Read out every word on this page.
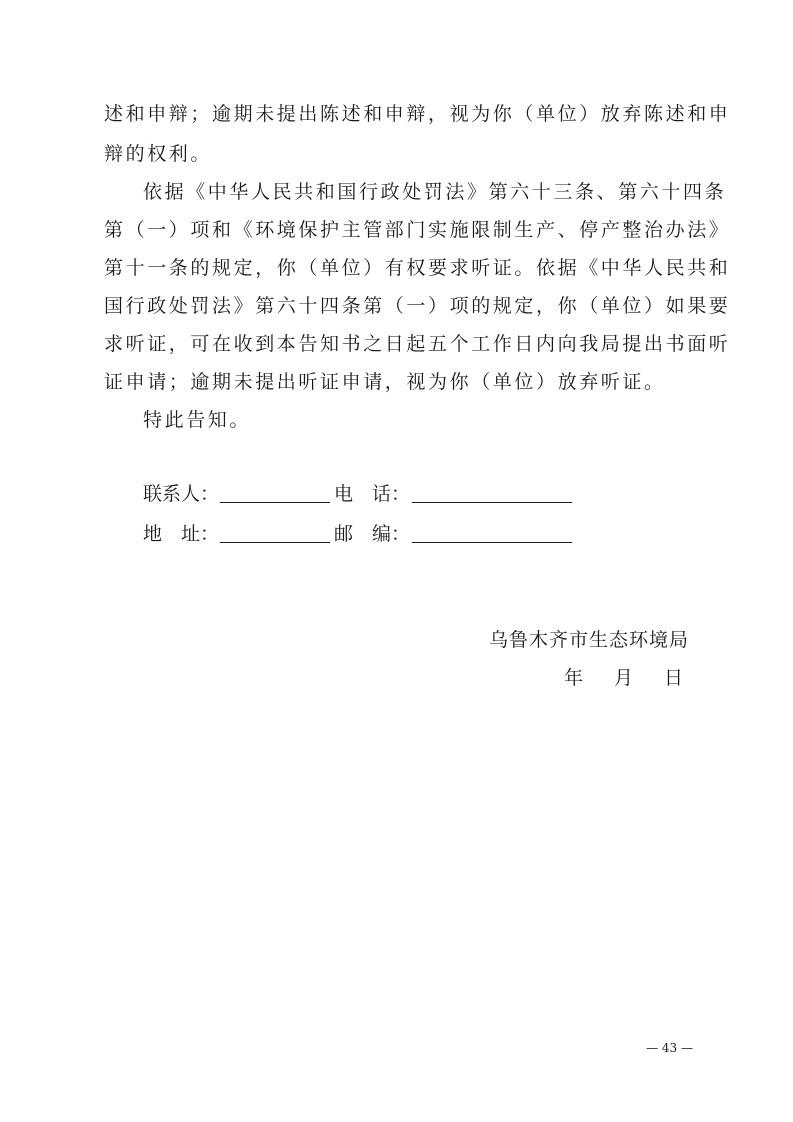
述和申辩；逾期未提出陈述和申辩，视为你（单位）放弃陈述和申
辩的权利。
依据《中华人民共和国行政处罚法》第六十三条、第六十四条
第（一）项和《环境保护主管部门实施限制生产、停产整治办法》
第十一条的规定，你（单位）有权要求听证。依据《中华人民共和
国行政处罚法》第六十四条第（一）项的规定，你（单位）如果要
求听证，可在收到本告知书之日起五个工作日内向我局提出书面听
证申请；逾期未提出听证申请，视为你（单位）放弃听证。
特此告知。
联系人：	电　话：
地　址：	邮　编：
乌鲁木齐市生态环境局
年　月　日
— 43 —
